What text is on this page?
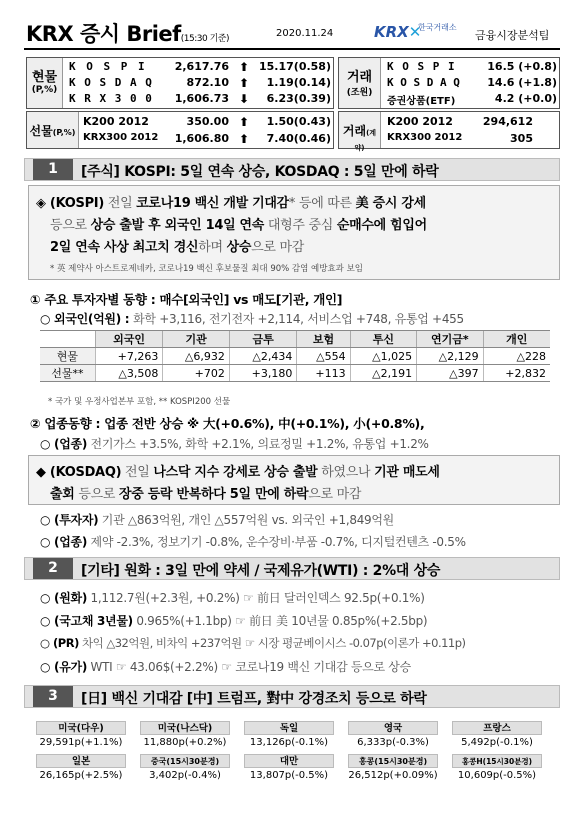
KRX 증시 Brief(15:30 기준)	2020.11.24	KRX✕
한국거래소
금융시장분석팀
현물
(P,%)
K O S P I	2,617.76 ⬆ 15.17(0.58)
K O S D A Q	872.10 ⬆	1.19(0.14)
K R X 3 0 0	1,606.73 ⬇	6.23(0.39)
거래
(조원)
K O S P I	16.5 (+0.8)
K O S D A Q	14.6 (+1.8)
증권상품(ETF)	4.2 (+0.0)
선물(P,%)
K200 2012	350.00 ⬆	1.50(0.43)
KRX300 2012	1,606.80 ⬆	7.40(0.46)
거래(계약)
K200 2012	294,612
KRX300 2012	305
1	[주식] KOSPI: 5일 연속 상승, KOSDAQ : 5일 만에 하락
◈ (KOSPI) 전일 코로나19 백신 개발 기대감* 등에 따른 美 증시 강세
등으로 상승 출발 후 외국인 14일 연속 대형주 중심 순매수에 힘입어
2일 연속 사상 최고치 경신하며 상승으로 마감
* 英 제약사 아스트로제네카, 코로나19 백신 후보물질 최대 90% 감염 예방효과 보임
① 주요 투자자별 동향 : 매수[외국인] vs 매도[기관, 개인]
○ 외국인(억원) : 화학 +3,116, 전기전자 +2,114, 서비스업 +748, 유통업 +455
	외국인	기관	금투	보험	투신	연기금*	개인
현물	+7,263	△6,932	△2,434	△554	△1,025	△2,129	△228
선물**	△3,508	+702	+3,180	+113	△2,191	△397	+2,832
* 국가 및 우정사업본부 포함, ** KOSPI200 선물
② 업종동향 : 업종 전반 상승 ※ 大(+0.6%), 中(+0.1%), 小(+0.8%),
○ (업종) 전기가스 +3.5%, 화학 +2.1%, 의료정밀 +1.2%, 유통업 +1.2%
◆ (KOSDAQ) 전일 나스닥 지수 강세로 상승 출발 하였으나 기관 매도세
출회 등으로 장중 등락 반복하다 5일 만에 하락으로 마감
○ (투자자) 기관 △863억원, 개인 △557억원 vs. 외국인 +1,849억원
○ (업종) 제약 -2.3%, 정보기기 -0.8%, 운수장비·부품 -0.7%, 디지털컨텐츠 -0.5%
2	[기타] 원화 : 3일 만에 약세 / 국제유가(WTI) : 2%대 상승
○ (원화) 1,112.7원(+2.3원, +0.2%) ☞ 前日 달러인덱스 92.5p(+0.1%)
○ (국고채 3년물) 0.965%(+1.1bp) ☞ 前日 美 10년물 0.85p%(+2.5bp)
○ (PR) 차익 △32억원, 비차익 +237억원 ☞ 시장 평균베이시스 -0.07p(이론가 +0.11p)
○ (유가) WTI ☞ 43.06$(+2.2%) ☞ 코로나19 백신 기대감 등으로 상승
3	[日] 백신 기대감 [中] 트럼프, 對中 강경조치 등으로 하락
미국(다우)
29,591p(+1.1%)
미국(나스닥)
11,880p(+0.2%)
독일
13,126p(-0.1%)
영국
6,333p(-0.3%)
프랑스
5,492p(-0.1%)
일본
26,165p(+2.5%)
중국(15시30분경)
3,402p(-0.4%)
대만
13,807p(-0.5%)
홍콩(15시30분경)
26,512p(+0.09%)
홍콩H(15시30분경)
10,609p(-0.5%)
